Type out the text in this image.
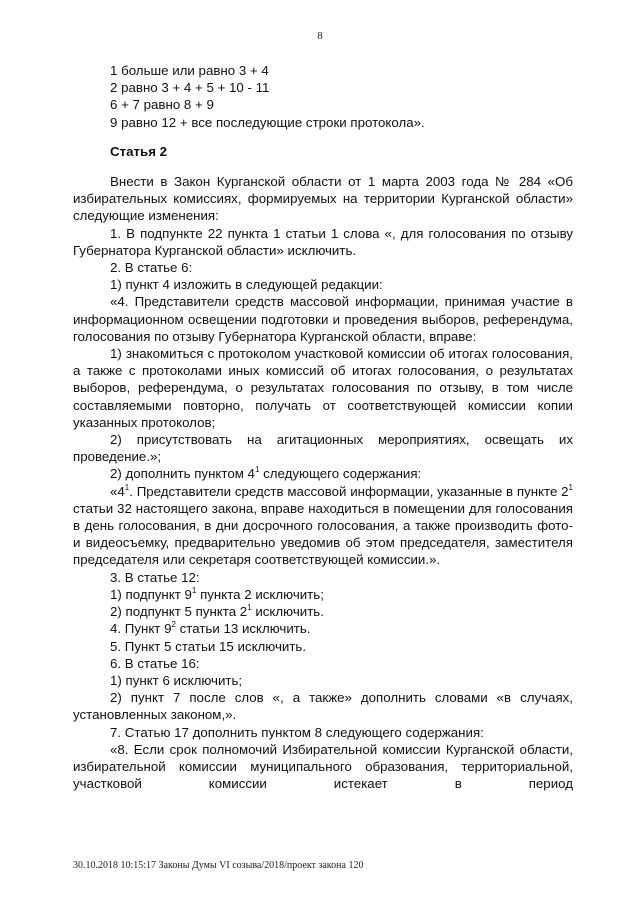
8

1 больше или равно 3 + 4

2 равно 3 + 4 + 5 + 10 - 11

6 + 7 равно 8 + 9

9 равно 12 + все последующие строки протокола».

Статья 2

Внести в Закон Курганской области от 1 марта 2003 года № 284 «Об избирательных комиссиях, формируемых на территории Курганской области» следующие изменения:

1. В подпункте 22 пункта 1 статьи 1 слова «, для голосования по отзыву Губернатора Курганской области» исключить.

2. В статье 6:

1) пункт 4 изложить в следующей редакции:

«4. Представители средств массовой информации, принимая участие в информационном освещении подготовки и проведения выборов, референдума, голосования по отзыву Губернатора Курганской области, вправе:

1) знакомиться с протоколом участковой комиссии об итогах голосования, а также с протоколами иных комиссий об итогах голосования, о результатах выборов, референдума, о результатах голосования по отзыву, в том числе составляемыми повторно, получать от соответствующей комиссии копии указанных протоколов;

2) присутствовать на агитационных мероприятиях, освещать их проведение.»;

2) дополнить пунктом $4^1$ следующего содержания:

«$4^1$. Представители средств массовой информации, указанные в пункте $2^1$ статьи 32 настоящего закона, вправе находиться в помещении для голосования в день голосования, в дни досрочного голосования, а также производить фото- и видеосъемку, предварительно уведомив об этом председателя, заместителя председателя или секретаря соответствующей комиссии.».

3. В статье 12:

1) подпункт $9^1$ пункта 2 исключить;

2) подпункт 5 пункта $2^1$ исключить.

4. Пункт $9^2$ статьи 13 исключить.

5. Пункт 5 статьи 15 исключить.

6. В статье 16:

1) пункт 6 исключить;

2) пункт 7 после слов «, а также» дополнить словами «в случаях, установленных законом,».

7. Статью 17 дополнить пунктом 8 следующего содержания:

«8. Если срок полномочий Избирательной комиссии Курганской области, избирательной комиссии муниципального образования, территориальной, участковой комиссии истекает в период

30.10.2018 10:15:17 Законы Думы VI созыва/2018/проект закона 120
